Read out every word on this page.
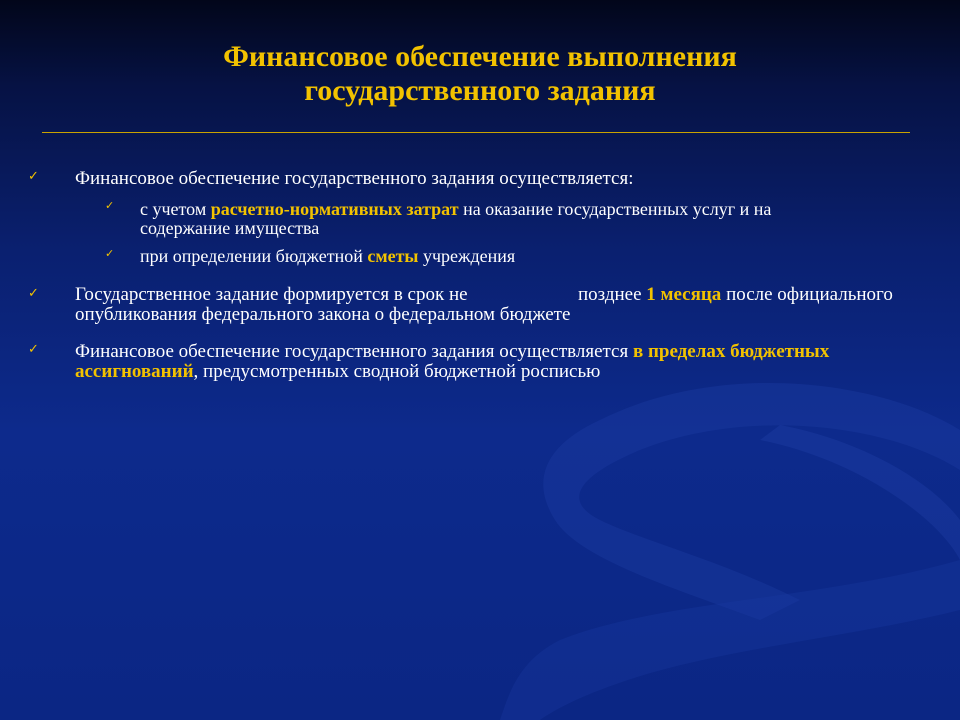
Финансовое обеспечение выполнения
государственного задания
✓ Финансовое обеспечение государственного задания осуществляется:
✓ с учетом расчетно-нормативных затрат на оказание государственных услуг и на
содержание имущества
✓ при определении бюджетной сметы учреждения
✓ Государственное задание формируется в срок не	позднее 1 месяца после официального
опубликования федерального закона о федеральном бюджете
✓ Финансовое обеспечение государственного задания осуществляется в пределах бюджетных
ассигнований, предусмотренных сводной бюджетной росписью
